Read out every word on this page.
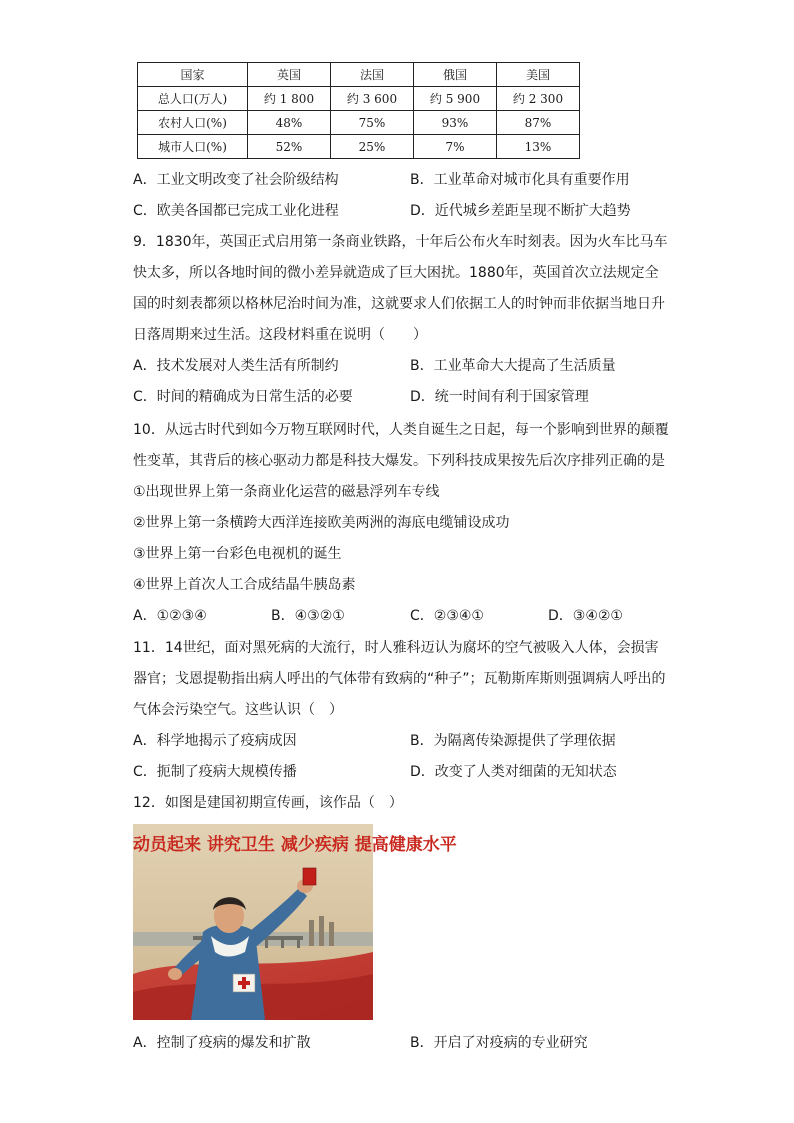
国家	英国	法国	俄国	美国
总人口(万人)	约 1 800	约 3 600	约 5 900	约 2 300
农村人口(%)	48%	75%	93%	87%
城市人口(%)	52%	25%	7%	13%
A．工业文明改变了社会阶级结构	B．工业革命对城市化具有重要作用
C．欧美各国都已完成工业化进程	D．近代城乡差距呈现不断扩大趋势
9．1830年，英国正式启用第一条商业铁路，十年后公布火车时刻表。因为火车比马车
快太多，所以各地时间的微小差异就造成了巨大困扰。1880年，英国首次立法规定全
国的时刻表都须以格林尼治时间为准，这就要求人们依据工人的时钟而非依据当地日升
日落周期来过生活。这段材料重在说明（　　）
A．技术发展对人类生活有所制约	B．工业革命大大提高了生活质量
C．时间的精确成为日常生活的必要	D．统一时间有利于国家管理
10．从远古时代到如今万物互联网时代，人类自诞生之日起，每一个影响到世界的颠覆
性变革，其背后的核心驱动力都是科技大爆发。下列科技成果按先后次序排列正确的是
①出现世界上第一条商业化运营的磁悬浮列车专线
②世界上第一条横跨大西洋连接欧美两洲的海底电缆铺设成功
③世界上第一台彩色电视机的诞生
④世界上首次人工合成结晶牛胰岛素
A．①②③④	B．④③②①	C．②③④①	D．③④②①
11．14世纪，面对黑死病的大流行，时人雅科迈认为腐坏的空气被吸入人体，会损害
器官；戈恩提勒指出病人呼出的气体带有致病的“种子”；瓦勒斯库斯则强调病人呼出的
气体会污染空气。这些认识（　）
A．科学地揭示了疫病成因	B．为隔离传染源提供了学理依据
C．扼制了疫病大规模传播	D．改变了人类对细菌的无知状态
12．如图是建国初期宣传画，该作品（　）
动员起来 讲究卫生 减少疾病 提高健康水平
A．控制了疫病的爆发和扩散	B．开启了对疫病的专业研究
